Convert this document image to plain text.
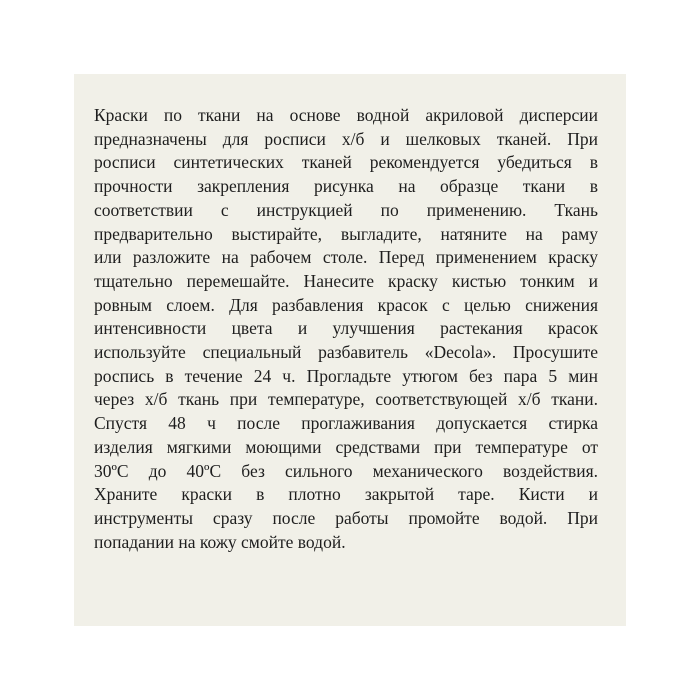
Краски по ткани на основе водной акриловой дисперсии
предназначены для росписи х/б и шелковых тканей. При
росписи синтетических тканей рекомендуется убедиться в
прочности закрепления рисунка на образце ткани в
соответствии с инструкцией по применению. Ткань
предварительно выстирайте, выгладите, натяните на раму
или разложите на рабочем столе. Перед применением краску
тщательно перемешайте. Нанесите краску кистью тонким и
ровным слоем. Для разбавления красок с целью снижения
интенсивности цвета и улучшения растекания красок
используйте специальный разбавитель «Decola». Просушите
роспись в течение 24 ч. Прогладьте утюгом без пара 5 мин
через х/б ткань при температуре, соответствующей х/б ткани.
Спустя 48 ч после проглаживания допускается стирка
изделия мягкими моющими средствами при температуре от
30ºС до 40ºС без сильного механического воздействия.
Храните краски в плотно закрытой таре. Кисти и
инструменты сразу после работы промойте водой. При
попадании на кожу смойте водой.
